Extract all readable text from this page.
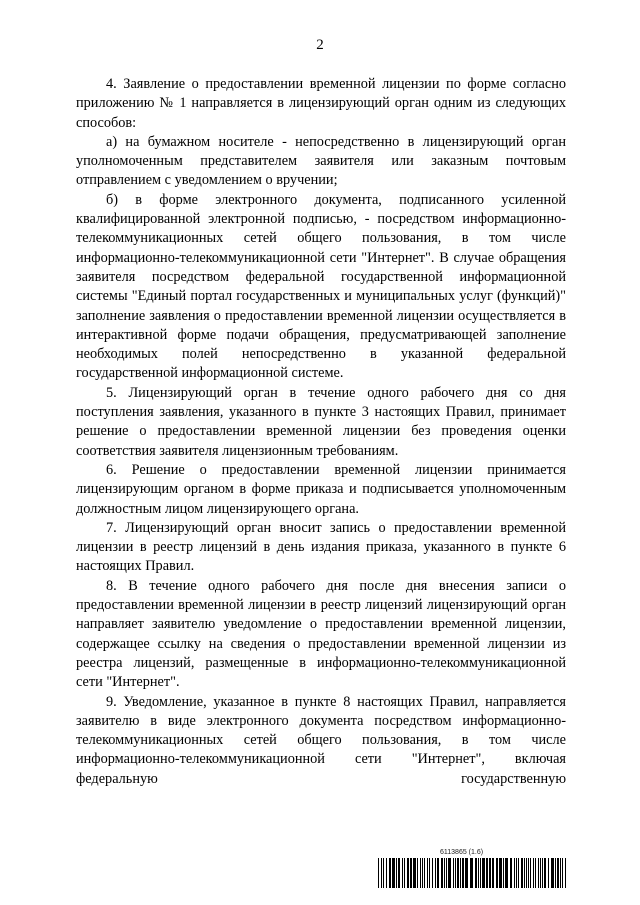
2

4. Заявление о предоставлении временной лицензии по форме согласно приложению № 1 направляется в лицензирующий орган одним из следующих способов:

а) на бумажном носителе - непосредственно в лицензирующий орган уполномоченным представителем заявителя или заказным почтовым отправлением с уведомлением о вручении;

б) в форме электронного документа, подписанного усиленной квалифицированной электронной подписью, - посредством информационно-телекоммуникационных сетей общего пользования, в том числе информационно-телекоммуникационной сети "Интернет". В случае обращения заявителя посредством федеральной государственной информационной системы "Единый портал государственных и муниципальных услуг (функций)" заполнение заявления о предоставлении временной лицензии осуществляется в интерактивной форме подачи обращения, предусматривающей заполнение необходимых полей непосредственно в указанной федеральной государственной информационной системе.

5. Лицензирующий орган в течение одного рабочего дня со дня поступления заявления, указанного в пункте 3 настоящих Правил, принимает решение о предоставлении временной лицензии без проведения оценки соответствия заявителя лицензионным требованиям.

6. Решение о предоставлении временной лицензии принимается лицензирующим органом в форме приказа и подписывается уполномоченным должностным лицом лицензирующего органа.

7. Лицензирующий орган вносит запись о предоставлении временной лицензии в реестр лицензий в день издания приказа, указанного в пункте 6 настоящих Правил.

8. В течение одного рабочего дня после дня внесения записи о предоставлении временной лицензии в реестр лицензий лицензирующий орган направляет заявителю уведомление о предоставлении временной лицензии, содержащее ссылку на сведения о предоставлении временной лицензии из реестра лицензий, размещенные в информационно-телекоммуникационной сети "Интернет".

9. Уведомление, указанное в пункте 8 настоящих Правил, направляется заявителю в виде электронного документа посредством информационно-телекоммуникационных сетей общего пользования, в том числе информационно-телекоммуникационной сети "Интернет", включая федеральную государственную

6113865 (1.6)
